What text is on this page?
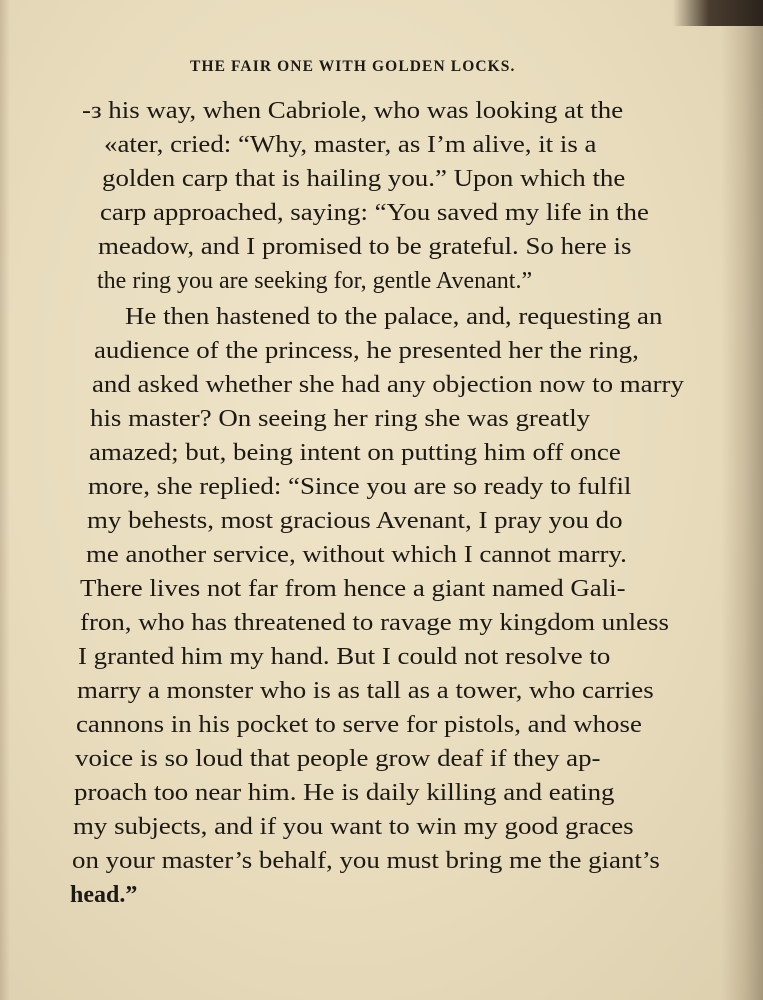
THE FAIR ONE WITH GOLDEN LOCKS.
-з his way, when Cabriole, who was looking at thе
«ater, cried: “Why, master, as I’m alive, it is a
golden carp that is hailing you.” Upon which the
carp approached, saying: “You saved my life in the
meadow, and I promised to be grateful. So here is
the ring you are seeking for, gentle Avenant.”
He then hastened to the palace, and, requesting an
audience of the princess, he presented her the ring,
and asked whether she had any objection now to marry
his master? On seeing her ring she was greatly
amazed; but, being intent on putting him off once
more, she replied: “Since you are so ready to fulfil
my behests, most gracious Avenant, I pray you do
me another service, without which I cannot marry.
There lives not far from hence a giant named Gali-
fron, who has threatened to ravage my kingdom unless
I granted him my hand. But I could not resolve to
marry a monster who is as tall as a tower, who carries
cannons in his pocket to serve for pistols, and whose
voice is so loud that people grow deaf if they ap-
proach too near him. He is daily killing and eating
my subjects, and if you want to win my good graces
on your master’s behalf, you must bring me the giant’s
head.”
